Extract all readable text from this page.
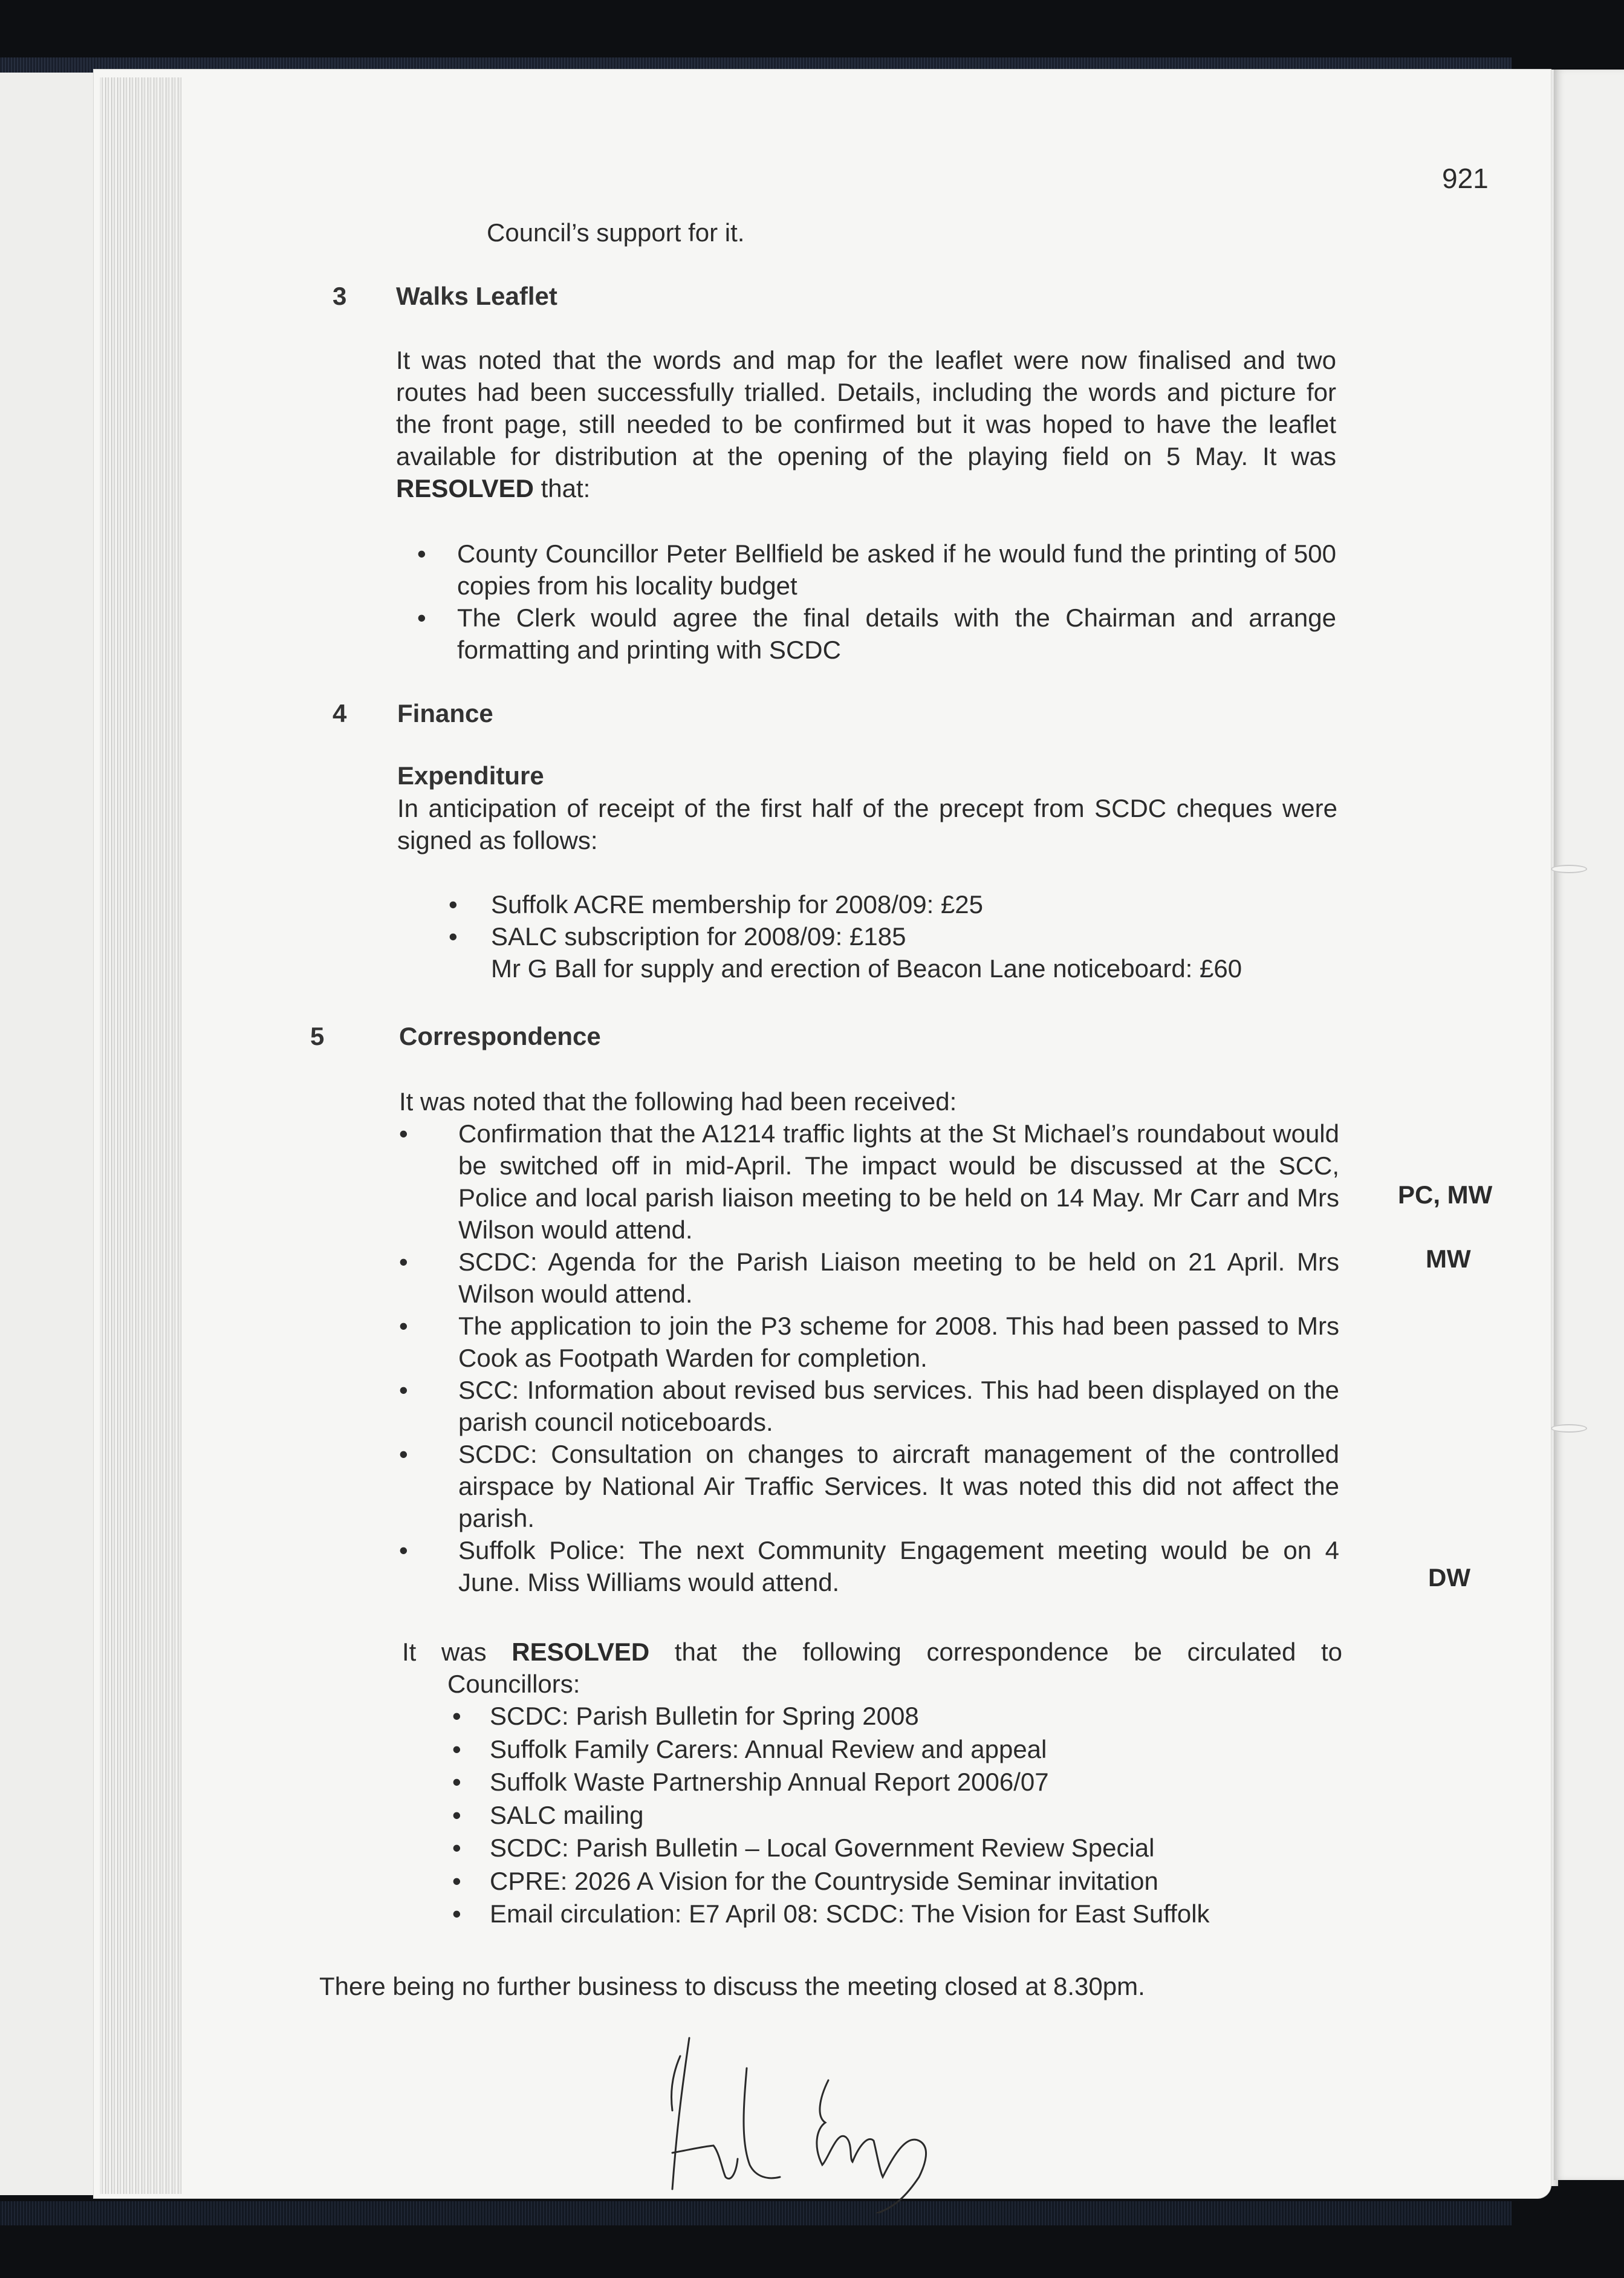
921
Council’s support for it.
3 Walks Leaflet
It was noted that the words and map for the leaflet were now finalised and two routes had been successfully trialled. Details, including the words and picture for the front page, still needed to be confirmed but it was hoped to have the leaflet available for distribution at the opening of the playing field on 5 May. It was RESOLVED that:
• County Councillor Peter Bellfield be asked if he would fund the printing of 500 copies from his locality budget
• The Clerk would agree the final details with the Chairman and arrange formatting and printing with SCDC
4 Finance
Expenditure
In anticipation of receipt of the first half of the precept from SCDC cheques were signed as follows:
• Suffolk ACRE membership for 2008/09: £25
• SALC subscription for 2008/09: £185
Mr G Ball for supply and erection of Beacon Lane noticeboard: £60
5	Correspondence
It was noted that the following had been received:
• Confirmation that the A1214 traffic lights at the St Michael’s roundabout would be switched off in mid-April. The impact would be discussed at the SCC, Police and local parish liaison meeting to be held on 14 May. Mr Carr and Mrs Wilson would attend.
• SCDC: Agenda for the Parish Liaison meeting to be held on 21 April. Mrs Wilson would attend.
• The application to join the P3 scheme for 2008. This had been passed to Mrs Cook as Footpath Warden for completion.
• SCC: Information about revised bus services. This had been displayed on the parish council noticeboards.
• SCDC: Consultation on changes to aircraft management of the controlled airspace by National Air Traffic Services. It was noted this did not affect the parish.
• Suffolk Police: The next Community Engagement meeting would be on 4 June. Miss Williams would attend.
PC, MW
MW
DW
It was RESOLVED that the following correspondence be circulated to
Councillors:
• SCDC: Parish Bulletin for Spring 2008
• Suffolk Family Carers: Annual Review and appeal
• Suffolk Waste Partnership Annual Report 2006/07
• SALC mailing
• SCDC: Parish Bulletin – Local Government Review Special
• CPRE: 2026 A Vision for the Countryside Seminar invitation
• Email circulation: E7 April 08: SCDC: The Vision for East Suffolk
There being no further business to discuss the meeting closed at 8.30pm.
